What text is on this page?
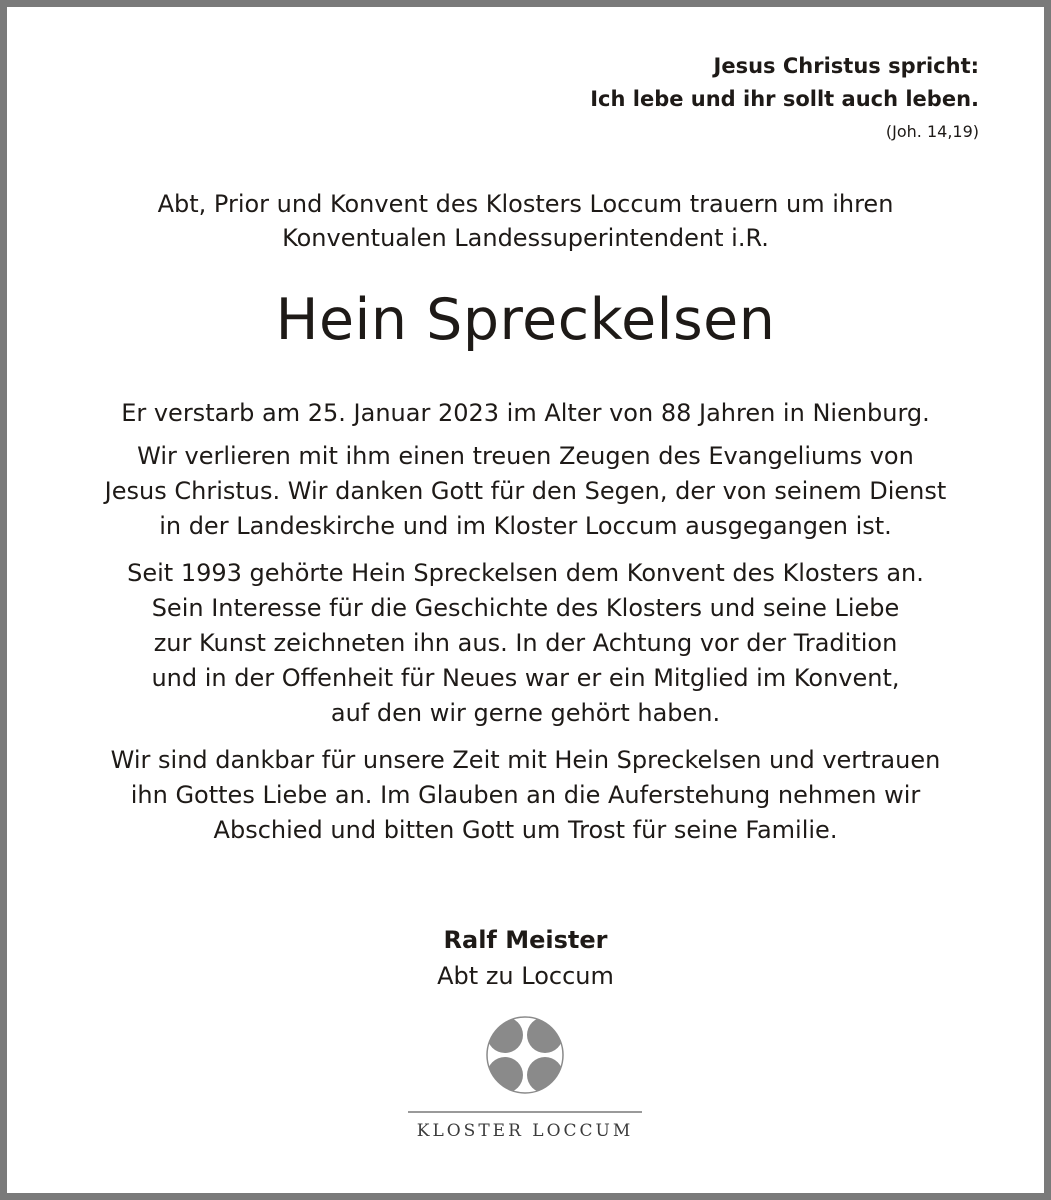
Jesus Christus spricht:
Ich lebe und ihr sollt auch leben.
(Joh. 14,19)
Abt, Prior und Konvent des Klosters Loccum trauern um ihren
Konventualen Landessuperintendent i.R.
Hein Spreckelsen

Er verstarb am 25. Januar 2023 im Alter von 88 Jahren in Nienburg.

Wir verlieren mit ihm einen treuen Zeugen des Evangeliums von
Jesus Christus. Wir danken Gott für den Segen, der von seinem Dienst
in der Landeskirche und im Kloster Loccum ausgegangen ist.

Seit 1993 gehörte Hein Spreckelsen dem Konvent des Klosters an.
Sein Interesse für die Geschichte des Klosters und seine Liebe
zur Kunst zeichneten ihn aus. In der Achtung vor der Tradition
und in der Offenheit für Neues war er ein Mitglied im Konvent,
auf den wir gerne gehört haben.

Wir sind dankbar für unsere Zeit mit Hein Spreckelsen und vertrauen
ihn Gottes Liebe an. Im Glauben an die Auferstehung nehmen wir
Abschied und bitten Gott um Trost für seine Familie.

Ralf Meister
Abt zu Loccum
KLOSTER LOCCUM
